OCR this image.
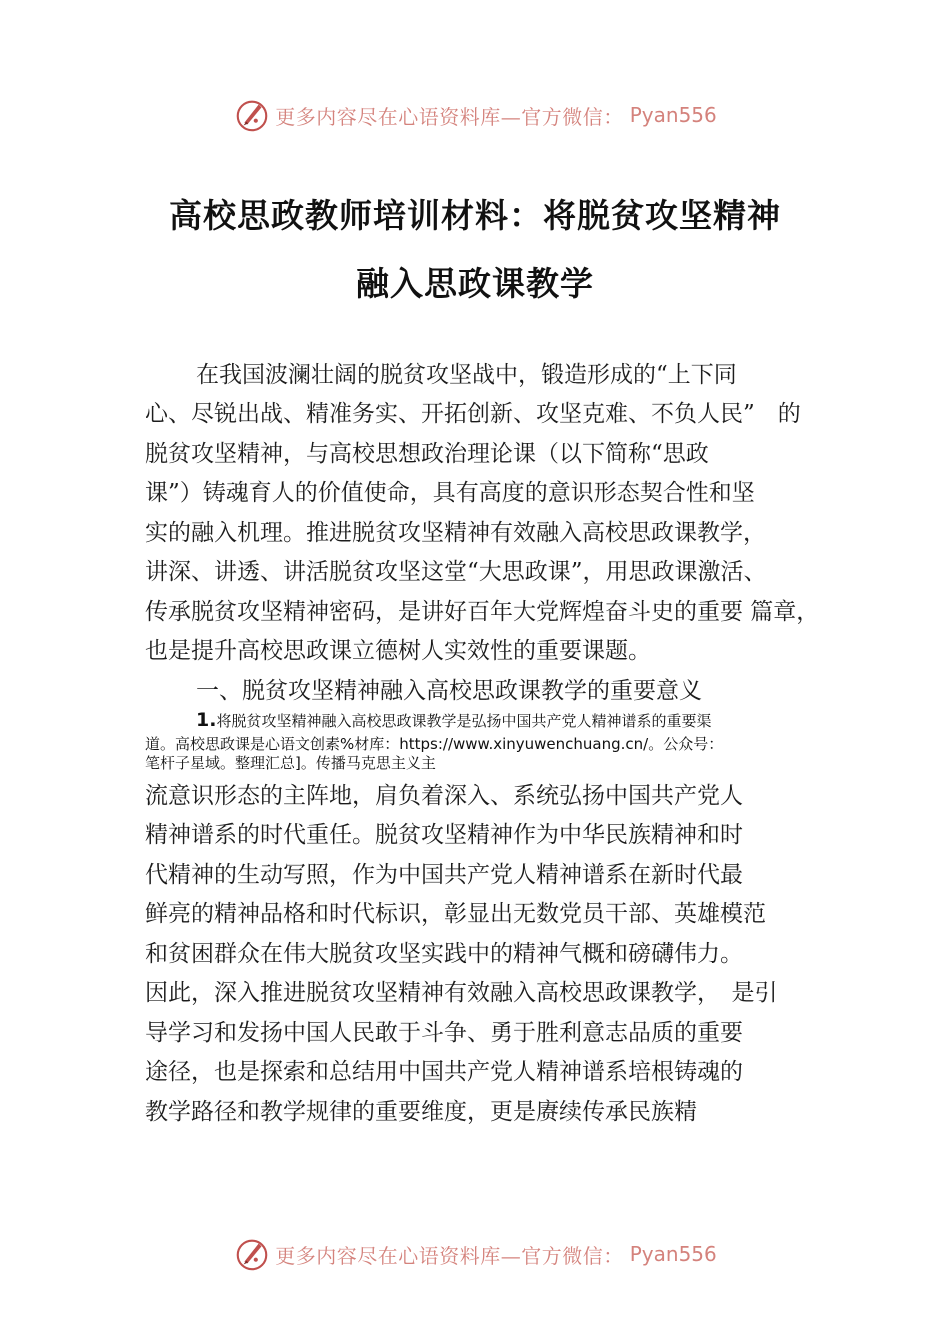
更多内容尽在心语资料库—官方微信： Pyan556
高校思政教师培训材料：将脱贫攻坚精神
融入思政课教学
在我国波澜壮阔的脱贫攻坚战中，锻造形成的“上下同
心、尽锐出战、精准务实、开拓创新、攻坚克难、不负人民”　的
脱贫攻坚精神，与高校思想政治理论课（以下简称“思政
课”）铸魂育人的价值使命，具有高度的意识形态契合性和坚
实的融入机理。推进脱贫攻坚精神有效融入高校思政课教学，
讲深、讲透、讲活脱贫攻坚这堂“大思政课”，用思政课激活、
传承脱贫攻坚精神密码，是讲好百年大党辉煌奋斗史的重要 篇章，
也是提升高校思政课立德树人实效性的重要课题。
一、脱贫攻坚精神融入高校思政课教学的重要意义
1.将脱贫攻坚精神融入高校思政课教学是弘扬中国共产党人精神谱系的重要渠
道。高校思政课是心语文创素%材库：https://www.xinyuwenchuang.cn/。公众号：
笔杆子星域。整理汇总]。传播马克思主义主
流意识形态的主阵地，肩负着深入、系统弘扬中国共产党人
精神谱系的时代重任。脱贫攻坚精神作为中华民族精神和时
代精神的生动写照，作为中国共产党人精神谱系在新时代最
鲜亮的精神品格和时代标识，彰显出无数党员干部、英雄模范
和贫困群众在伟大脱贫攻坚实践中的精神气概和磅礴伟力。
因此，深入推进脱贫攻坚精神有效融入高校思政课教学，　是引
导学习和发扬中国人民敢于斗争、勇于胜利意志品质的重要
途径，也是探索和总结用中国共产党人精神谱系培根铸魂的
教学路径和教学规律的重要维度，更是赓续传承民族精
更多内容尽在心语资料库—官方微信： Pyan556
